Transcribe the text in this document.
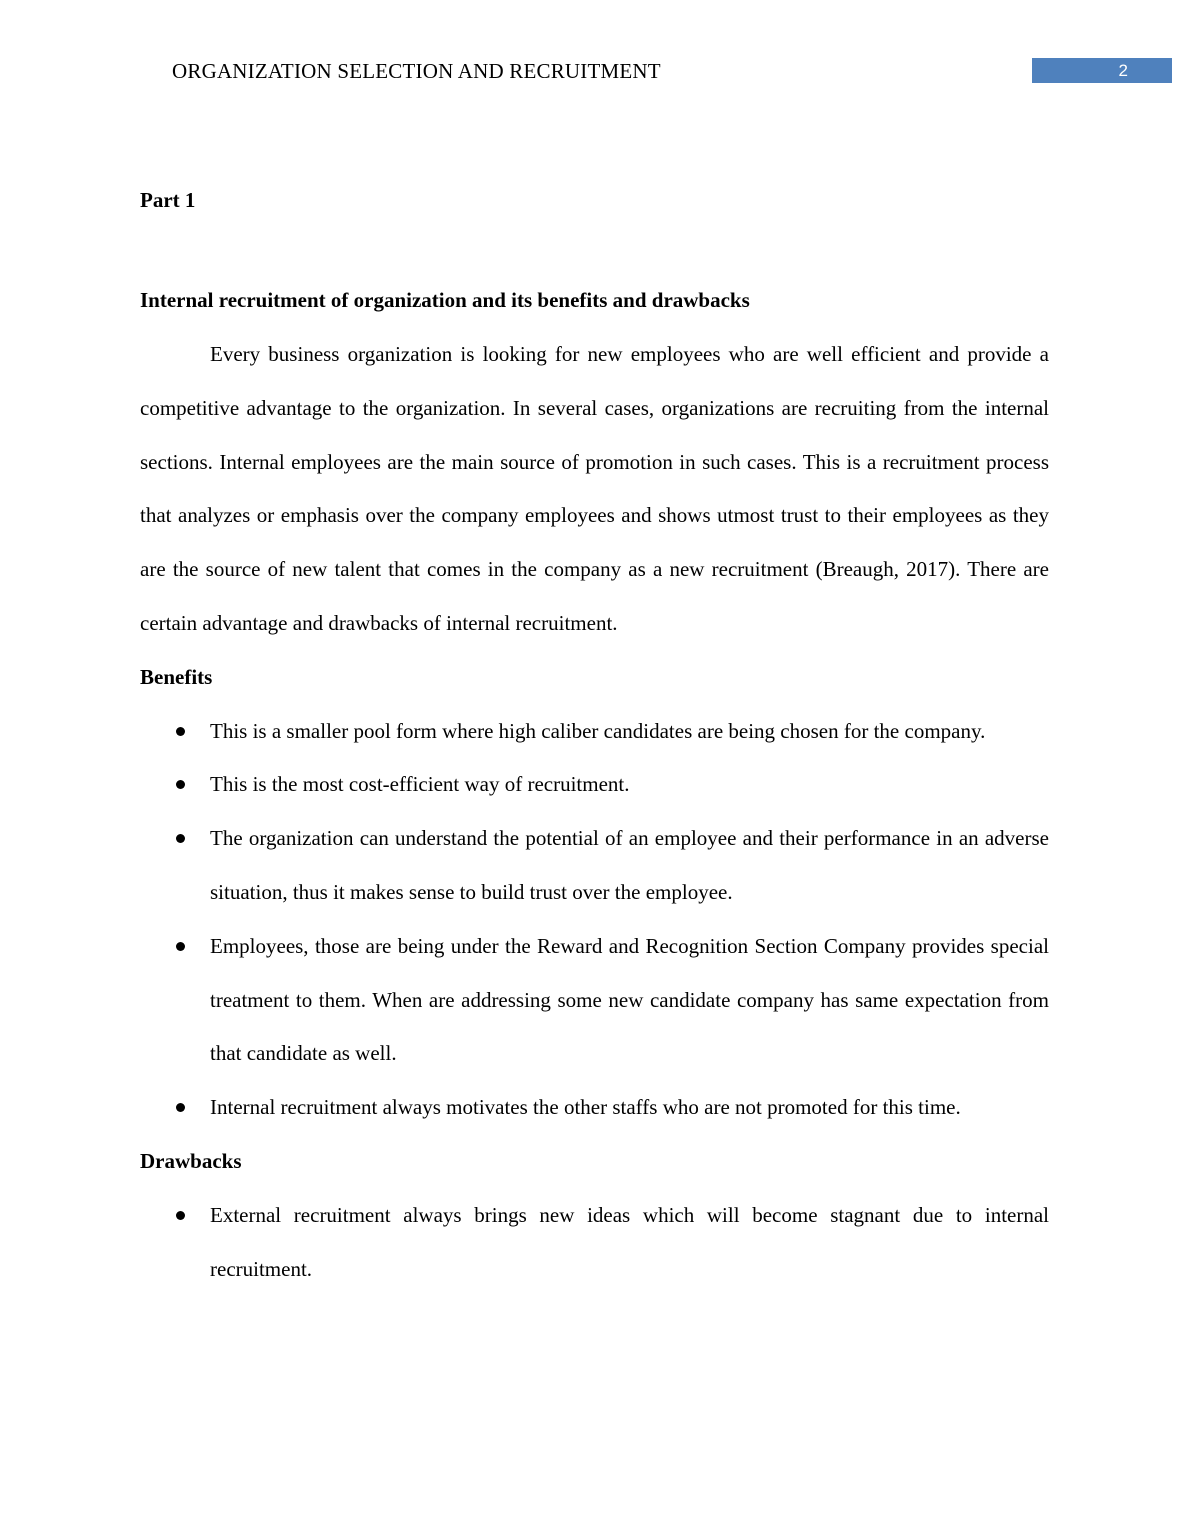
ORGANIZATION SELECTION AND RECRUITMENT	2
Part 1
Internal recruitment of organization and its benefits and drawbacks

Every business organization is looking for new employees who are well efficient and provide a competitive advantage to the organization. In several cases, organizations are recruiting from the internal sections. Internal employees are the main source of promotion in such cases. This is a recruitment process that analyzes or emphasis over the company employees and shows utmost trust to their employees as they are the source of new talent that comes in the company as a new recruitment (Breaugh, 2017). There are certain advantage and drawbacks of internal recruitment.

Benefits

This is a smaller pool form where high caliber candidates are being chosen for the company.
This is the most cost-efficient way of recruitment.
The organization can understand the potential of an employee and their performance in an adverse situation, thus it makes sense to build trust over the employee.
Employees, those are being under the Reward and Recognition Section Company provides special treatment to them. When are addressing some new candidate company has same expectation from that candidate as well.
Internal recruitment always motivates the other staffs who are not promoted for this time.

Drawbacks

External recruitment always brings new ideas which will become stagnant due to internal recruitment.
